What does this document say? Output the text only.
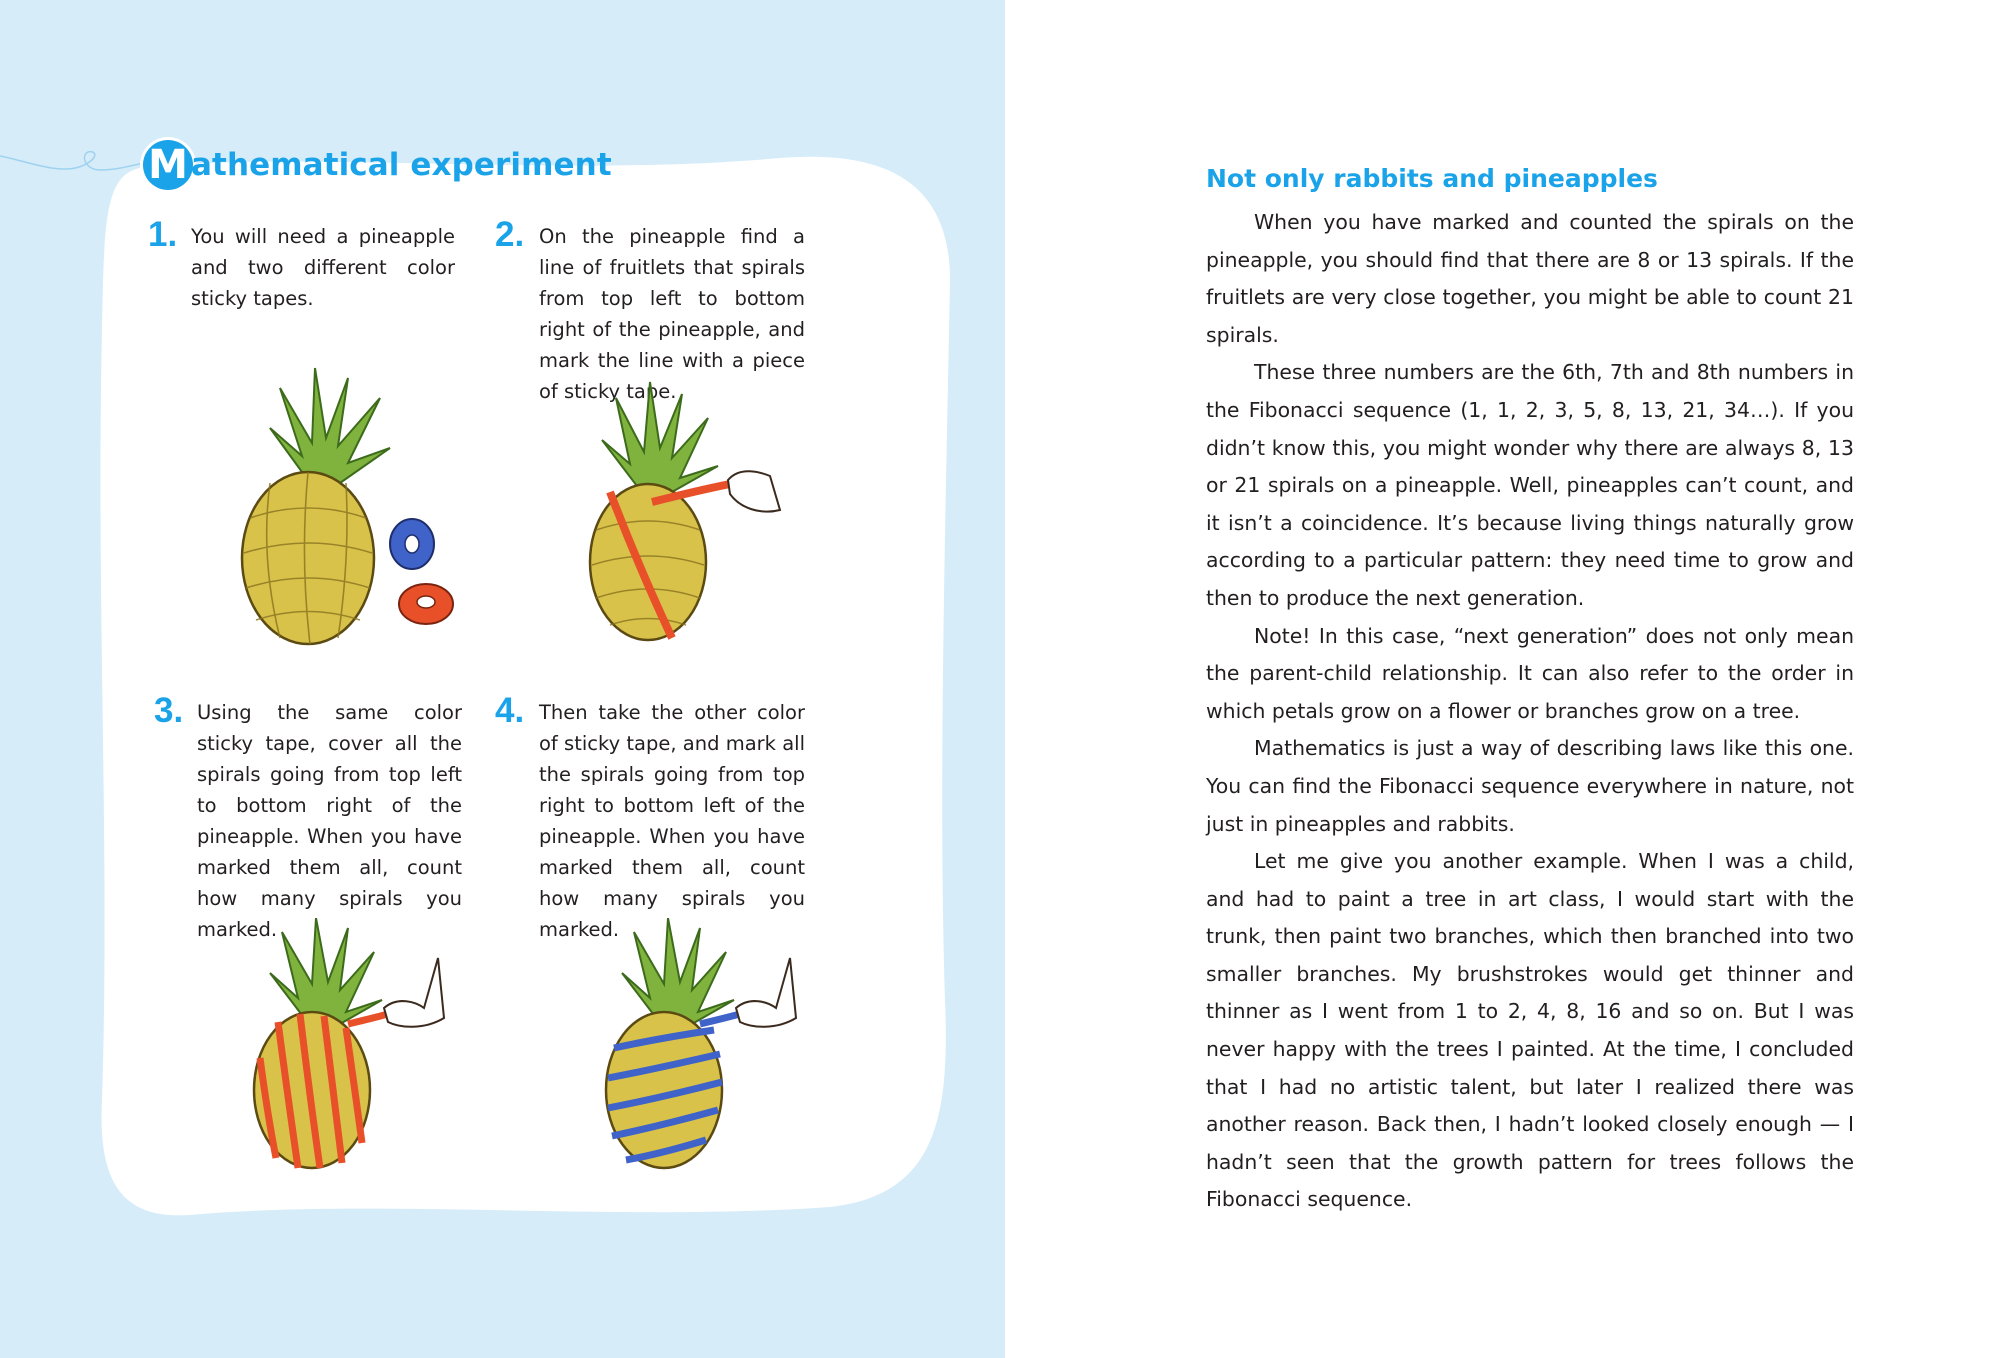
M athematical experiment
1. You will need a pineapple and two different color sticky tapes.
2. On the pineapple find a line of fruitlets that spirals from top left to bottom right of the pineapple, and mark the line with a piece of sticky tape.
3. Using the same color sticky tape, cover all the spirals going from top left to bottom right of the pineapple. When you have marked them all, count how many spirals you marked.
4. Then take the other color of sticky tape, and mark all the spirals going from top right to bottom left of the pineapple. When you have marked them all, count how many spirals you marked.
Not only rabbits and pineapples

When you have marked and counted the spirals on the pineapple, you should find that there are 8 or 13 spirals. If the fruitlets are very close together, you might be able to count 21 spirals.

These three numbers are the 6th, 7th and 8th numbers in the Fibonacci sequence (1, 1, 2, 3, 5, 8, 13, 21, 34…). If you didn’t know this, you might wonder why there are always 8, 13 or 21 spirals on a pineapple. Well, pineapples can’t count, and it isn’t a coincidence. It’s because living things naturally grow according to a particular pattern: they need time to grow and then to produce the next generation.

Note! In this case, “next generation” does not only mean the parent-child relationship. It can also refer to the order in which petals grow on a flower or branches grow on a tree.

Mathematics is just a way of describing laws like this one. You can find the Fibonacci sequence everywhere in nature, not just in pineapples and rabbits.

Let me give you another example. When I was a child, and had to paint a tree in art class, I would start with the trunk, then paint two branches, which then branched into two smaller branches. My brushstrokes would get thinner and thinner as I went from 1 to 2, 4, 8, 16 and so on. But I was never happy with the trees I painted. At the time, I concluded that I had no artistic talent, but later I realized there was another reason. Back then, I hadn’t looked closely enough — I hadn’t seen that the growth pattern for trees follows the Fibonacci sequence.
